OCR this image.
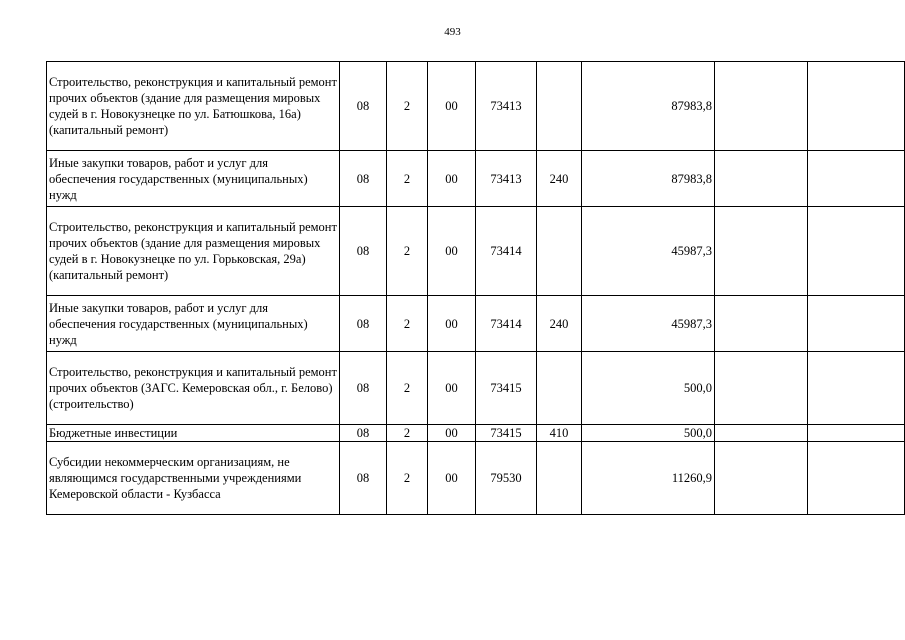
493
Строительство, реконструкция и капитальный ремонт прочих объектов (здание для размещения мировых судей в г. Новокузнецке по ул. Батюшкова, 16а) (капитальный ремонт)	08	2	00	73413		87983,8		
Иные закупки товаров, работ и услуг для обеспечения государственных (муниципальных) нужд	08	2	00	73413	240	87983,8		
Строительство, реконструкция и капитальный ремонт прочих объектов (здание для размещения мировых судей в г. Новокузнецке по ул. Горьковская, 29а) (капитальный ремонт)	08	2	00	73414		45987,3		
Иные закупки товаров, работ и услуг для обеспечения государственных (муниципальных) нужд	08	2	00	73414	240	45987,3		
Строительство, реконструкция и капитальный ремонт прочих объектов (ЗАГС. Кемеровская обл., г. Белово) (строительство)	08	2	00	73415		500,0		
Бюджетные инвестиции	08	2	00	73415	410	500,0		
Субсидии некоммерческим организациям, не являющимся государственными учреждениями Кемеровской области - Кузбасса	08	2	00	79530		11260,9		
